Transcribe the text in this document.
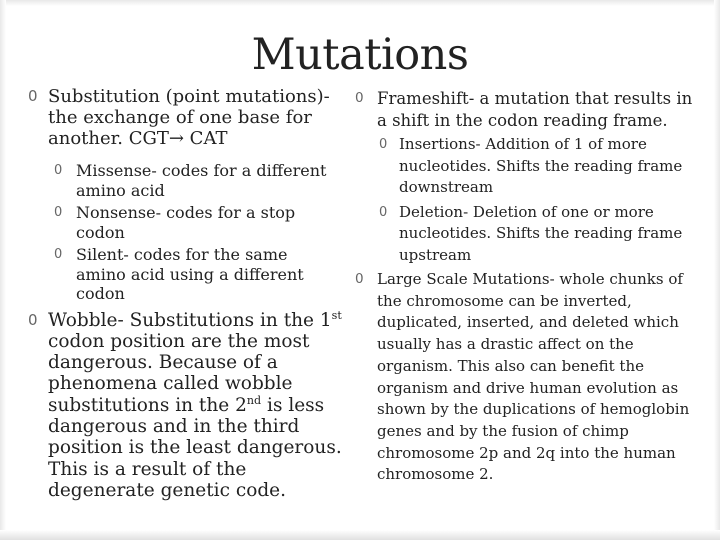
Mutations
0 Substitution (point mutations)-
the exchange of one base for
another. CGT→ CAT
0 Missense- codes for a different
amino acid
0 Nonsense- codes for a stop
codon
0 Silent- codes for the same
amino acid using a different
codon
0 Wobble- Substitutions in the 1st codon position are the most dangerous. Because of a phenomena called wobble substitutions in the 2nd is less dangerous and in the third position is the least dangerous. This is a result of the degenerate genetic code.
0 Frameshift- a mutation that results in
a shift in the codon reading frame.
0 Insertions- Addition of 1 of more
nucleotides. Shifts the reading frame
downstream
0 Deletion- Deletion of one or more
nucleotides. Shifts the reading frame
upstream
0 Large Scale Mutations- whole chunks of
the chromosome can be inverted,
duplicated, inserted, and deleted which
usually has a drastic affect on the
organism. This also can benefit the
organism and drive human evolution as
shown by the duplications of hemoglobin
genes and by the fusion of chimp
chromosome 2p and 2q into the human
chromosome 2.
